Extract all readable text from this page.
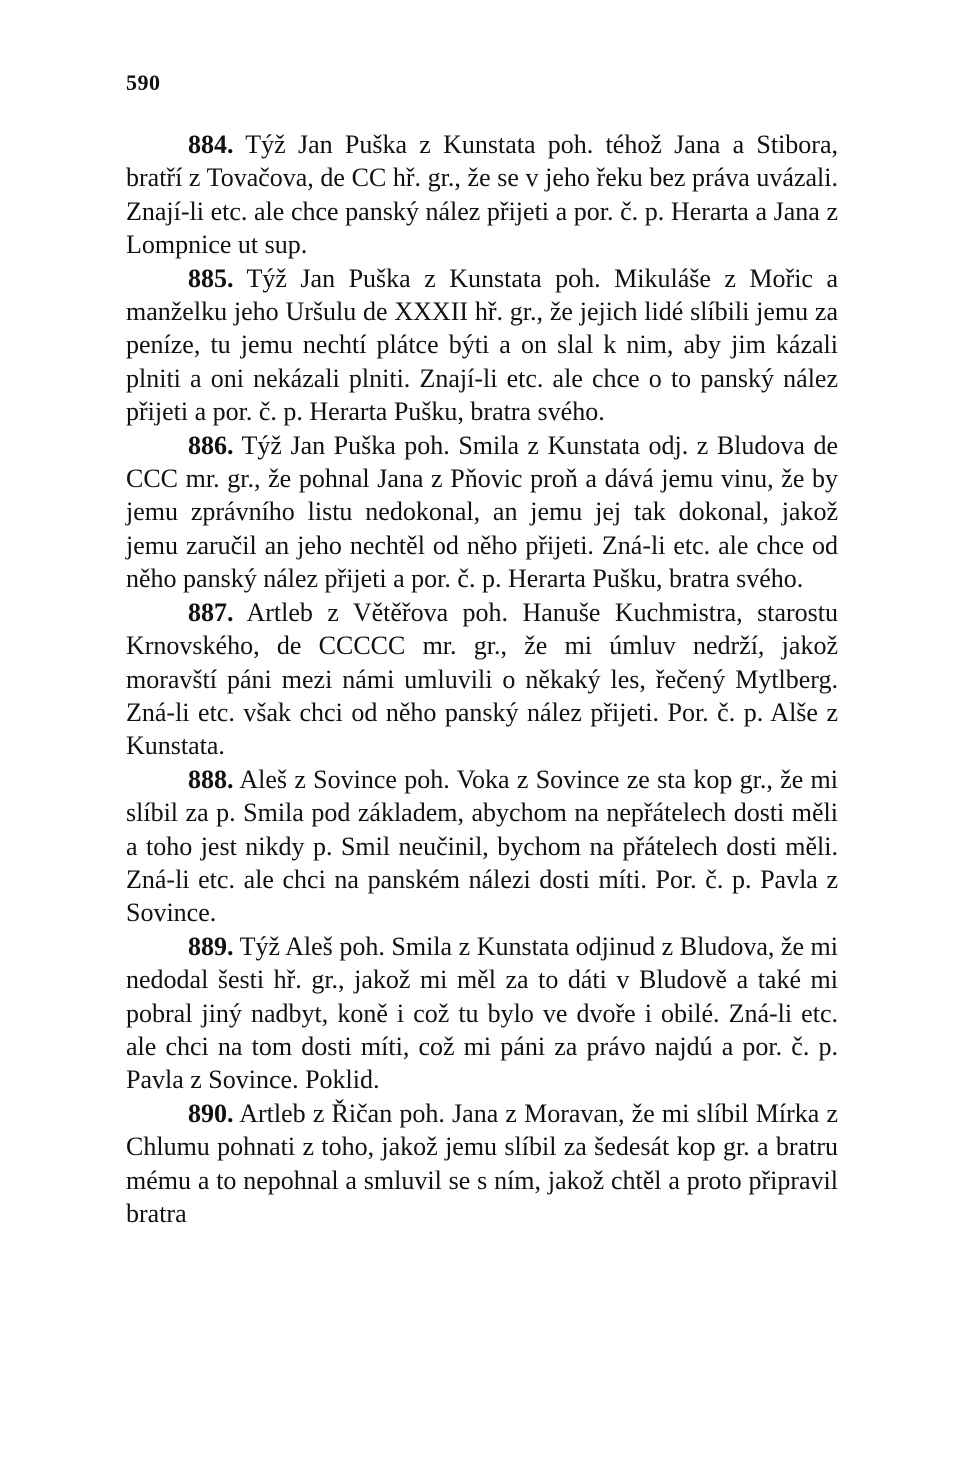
590

884. Týž Jan Puška z Kunstata poh. téhož Jana a Stibora, bratří z Tovačova, de CC hř. gr., že se v jeho řeku bez práva uvázali. Znají-li etc. ale chce panský nález přijeti a por. č. p. Herarta a Jana z Lompnice ut sup.

885. Týž Jan Puška z Kunstata poh. Mikuláše z Mořic a manželku jeho Uršulu de XXXII hř. gr., že jejich lidé slíbili jemu za peníze, tu jemu nechtí plátce býti a on slal k nim, aby jim kázali plniti a oni nekázali plniti. Znají-li etc. ale chce o to panský nález přijeti a por. č. p. Herarta Pušku, bratra svého.

886. Týž Jan Puška poh. Smila z Kunstata odj. z Bludova de CCC mr. gr., že pohnal Jana z Pňovic proň a dává jemu vinu, že by jemu zprávního listu nedokonal, an jemu jej tak dokonal, jakož jemu zaručil an jeho nechtěl od něho přijeti. Zná-li etc. ale chce od něho panský nález přijeti a por. č. p. Herarta Pušku, bratra svého.

887. Artleb z Větěřova poh. Hanuše Kuchmistra, starostu Krnovského, de CCCCC mr. gr., že mi úmluv nedrží, jakož moravští páni mezi námi umluvili o někaký les, řečený Mytlberg. Zná-li etc. však chci od něho panský nález přijeti. Por. č. p. Alše z Kunstata.

888. Aleš z Sovince poh. Voka z Sovince ze sta kop gr., že mi slíbil za p. Smila pod základem, abychom na nepřátelech dosti měli a toho jest nikdy p. Smil neučinil, bychom na přátelech dosti měli. Zná-li etc. ale chci na panském nálezi dosti míti. Por. č. p. Pavla z Sovince.

889. Týž Aleš poh. Smila z Kunstata odjinud z Bludova, že mi nedodal šesti hř. gr., jakož mi měl za to dáti v Bludově a také mi pobral jiný nadbyt, koně i což tu bylo ve dvoře i obilé. Zná-li etc. ale chci na tom dosti míti, což mi páni za právo najdú a por. č. p. Pavla z Sovince. Poklid.

890. Artleb z Řičan poh. Jana z Moravan, že mi slíbil Mírka z Chlumu pohnati z toho, jakož jemu slíbil za šedesát kop gr. a bratru mému a to nepohnal a smluvil se s ním, jakož chtěl a proto připravil bratra
